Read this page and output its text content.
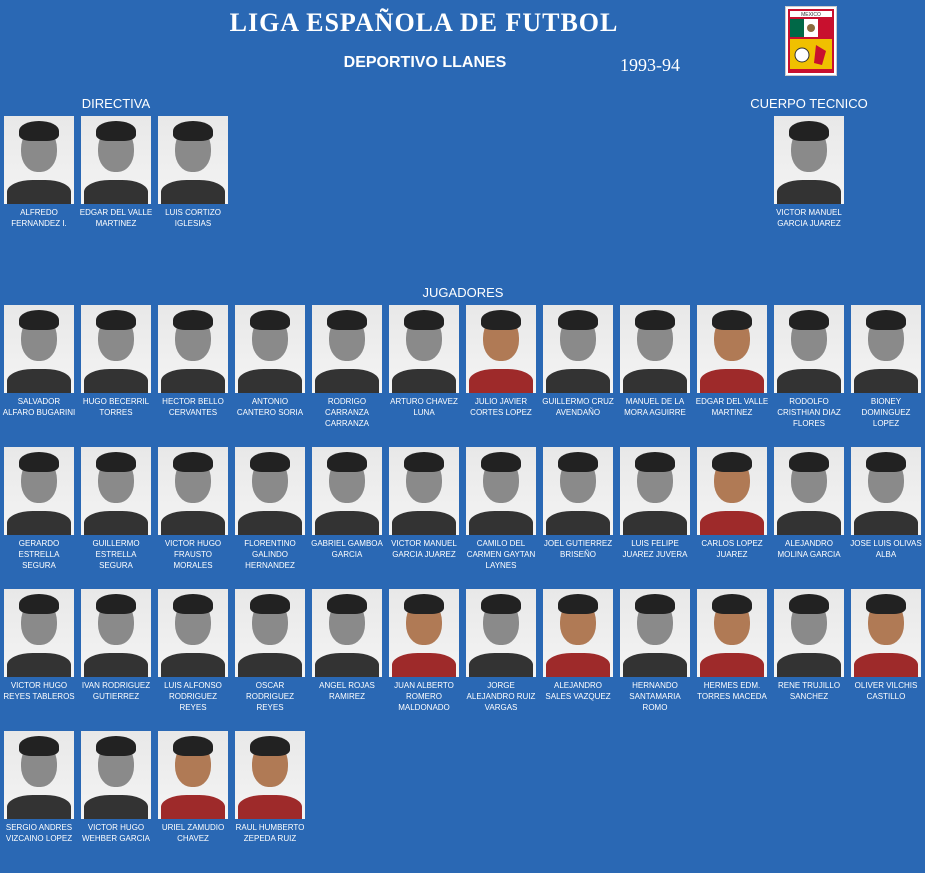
LIGA ESPAÑOLA DE FUTBOL
DEPORTIVO LLANES	1993-94
MEXICO
DIRECTIVA	CUERPO TECNICO
JUGADORES
ALFREDO FERNANDEZ I.
EDGAR DEL VALLE MARTINEZ
LUIS CORTIZO IGLESIAS
VICTOR MANUEL GARCIA JUAREZ
SALVADOR ALFARO BUGARINI
HUGO BECERRIL TORRES
HECTOR BELLO CERVANTES
ANTONIO CANTERO SORIA
RODRIGO CARRANZA CARRANZA
ARTURO CHAVEZ LUNA
JULIO JAVIER CORTES LOPEZ
GUILLERMO CRUZ AVENDAÑO
MANUEL DE LA MORA AGUIRRE
EDGAR DEL VALLE MARTINEZ
RODOLFO CRISTHIAN DIAZ FLORES
BIONEY DOMINGUEZ LOPEZ
GERARDO ESTRELLA SEGURA
GUILLERMO ESTRELLA SEGURA
VICTOR HUGO FRAUSTO MORALES
FLORENTINO GALINDO HERNANDEZ
GABRIEL GAMBOA GARCIA
VICTOR MANUEL GARCIA JUAREZ
CAMILO DEL CARMEN GAYTAN LAYNES
JOEL GUTIERREZ BRISEÑO
LUIS FELIPE JUAREZ JUVERA
CARLOS LOPEZ JUAREZ
ALEJANDRO MOLINA GARCIA
JOSE LUIS OLIVAS ALBA
VICTOR HUGO REYES TABLEROS
IVAN RODRIGUEZ GUTIERREZ
LUIS ALFONSO RODRIGUEZ REYES
OSCAR RODRIGUEZ REYES
ANGEL ROJAS RAMIREZ
JUAN ALBERTO ROMERO MALDONADO
JORGE ALEJANDRO RUIZ VARGAS
ALEJANDRO SALES VAZQUEZ
HERNANDO SANTAMARIA ROMO
HERMES EDM. TORRES MACEDA
RENE TRUJILLO SANCHEZ
OLIVER VILCHIS CASTILLO
SERGIO ANDRES VIZCAINO LOPEZ
VICTOR HUGO WEHBER GARCIA
URIEL ZAMUDIO CHAVEZ
RAUL HUMBERTO ZEPEDA RUIZ
